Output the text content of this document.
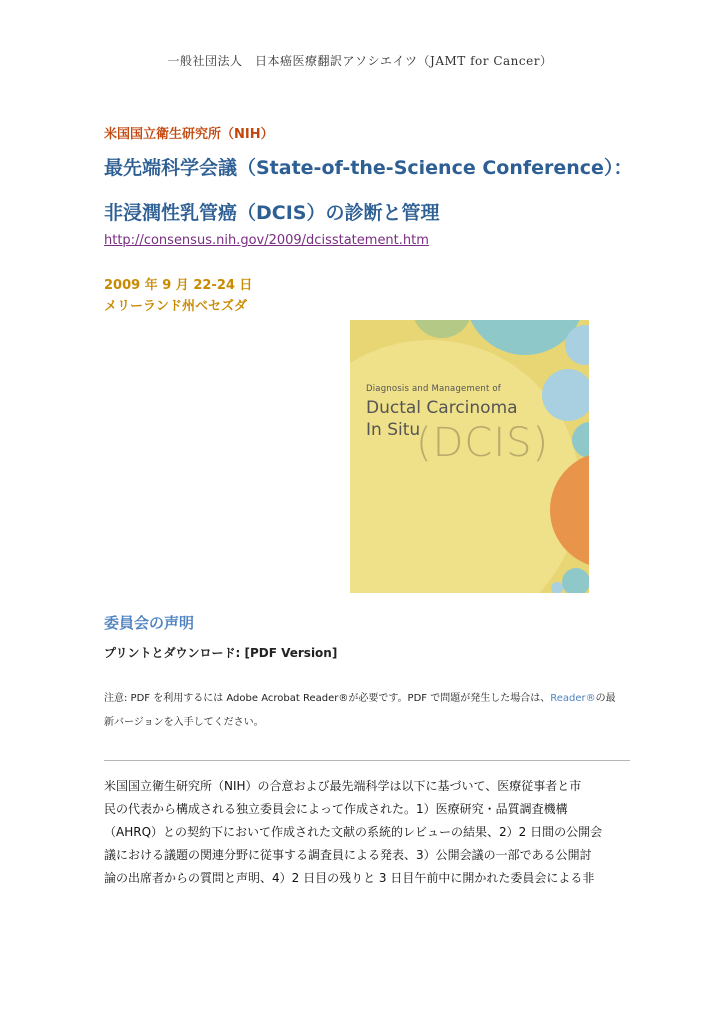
一般社団法人　日本癌医療翻訳アソシエイツ（JAMT for Cancer）
米国国立衛生研究所（NIH）
最先端科学会議（State-of-the-Science Conference）：
非浸潤性乳管癌（DCIS）の診断と管理
http://consensus.nih.gov/2009/dcisstatement.htm
2009 年 9 月 22-24 日
メリーランド州ベセズダ
Diagnosis and Management of
Ductal Carcinoma
In Situ
(DCIS)
委員会の声明
プリントとダウンロード: [PDF Version]
注意: PDF を利用するには Adobe Acrobat Reader®が必要です。PDF で問題が発生した場合は、Reader®の最新バージョンを入手してください。

米国国立衛生研究所（NIH）の合意および最先端科学は以下に基づいて、医療従事者と市

民の代表から構成される独立委員会によって作成された。1）医療研究・品質調査機構

（AHRQ）との契約下において作成された文献の系統的レビューの結果、2）2 日間の公開会

議における議題の関連分野に従事する調査員による発表、3）公開会議の一部である公開討

論の出席者からの質問と声明、4）2 日目の残りと 3 日目午前中に開かれた委員会による非
